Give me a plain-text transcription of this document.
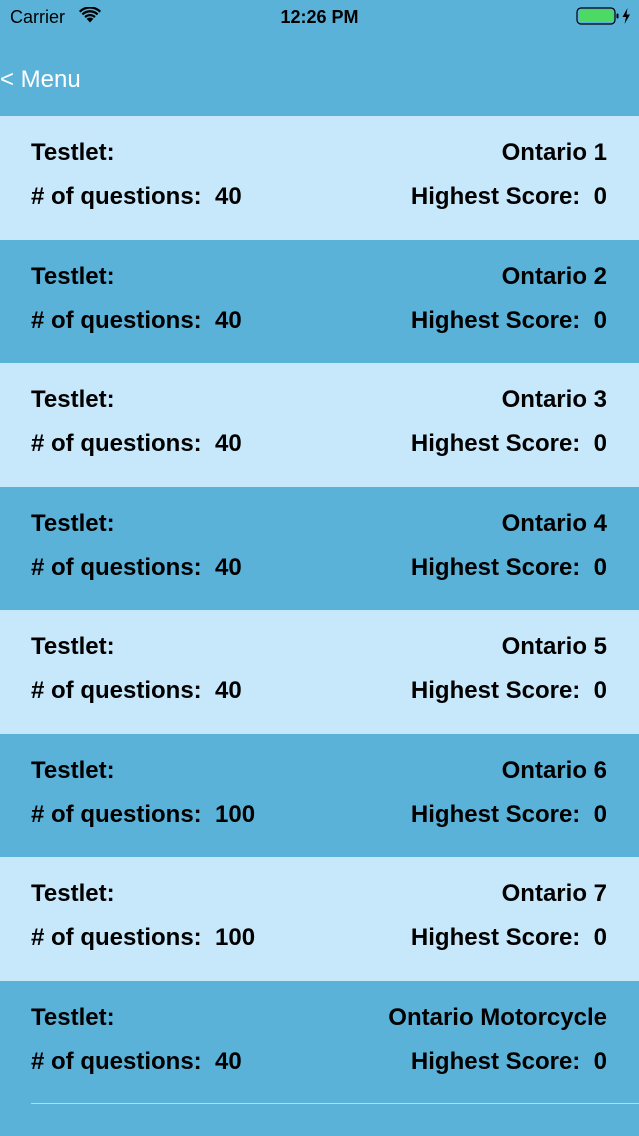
Carrier	12:26 PM
< Menu
Testlet:	Ontario 1
# of questions: 40	Highest Score: 0
Testlet:	Ontario 2
# of questions: 40	Highest Score: 0
Testlet:	Ontario 3
# of questions: 40	Highest Score: 0
Testlet:	Ontario 4
# of questions: 40	Highest Score: 0
Testlet:	Ontario 5
# of questions: 40	Highest Score: 0
Testlet:	Ontario 6
# of questions: 100	Highest Score: 0
Testlet:	Ontario 7
# of questions: 100	Highest Score: 0
Testlet:	Ontario Motorcycle
# of questions: 40	Highest Score: 0
